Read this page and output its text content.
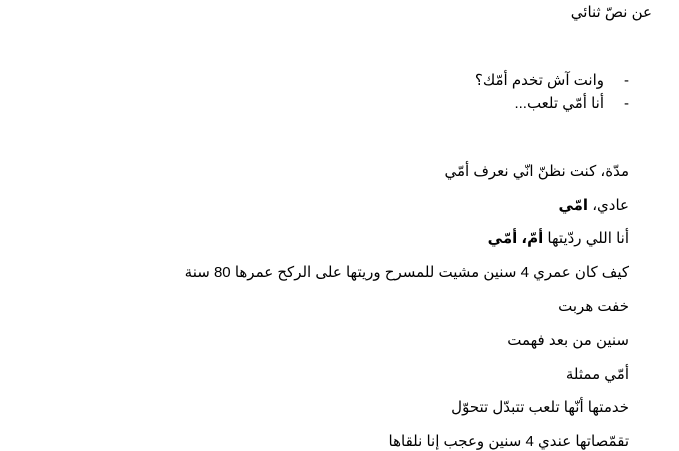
عن نصّ ثنائي
-
وانت آش تخدم أمّك؟
-
أنا أمّي تلعب...
مدّة، كنت نظنّ انّي نعرف أمّي
عادي، امّي
أنا اللي ردّيتها أمّ، أمّي
كيف كان عمري 4 سنين مشيت للمسرح وريتها على الركح عمرها 80 سنة
خفت هربت
سنين من بعد فهمت
أمّي ممثلة
خدمتها أنّها تلعب تتبدّل تتحوّل
تقمّصاتها عندي 4 سنين وعجب إنا نلقاها
